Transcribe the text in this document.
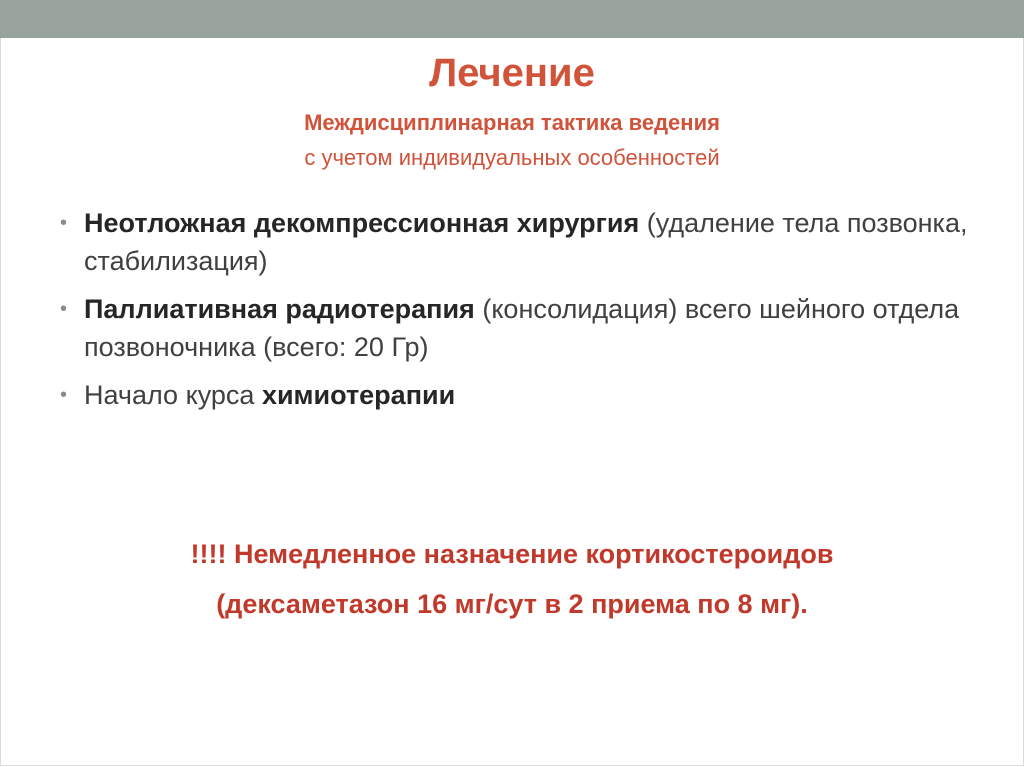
Лечение
Междисциплинарная тактика ведения
с учетом индивидуальных особенностей
• Неотложная декомпрессионная хирургия (удаление тела позвонка, стабилизация)
• Паллиативная радиотерапия (консолидация) всего шейного отдела позвоночника (всего: 20 Гр)
• Начало курса химиотерапии
!!!! Немедленное назначение кортикостероидов
(дексаметазон 16 мг/сут в 2 приема по 8 мг).
